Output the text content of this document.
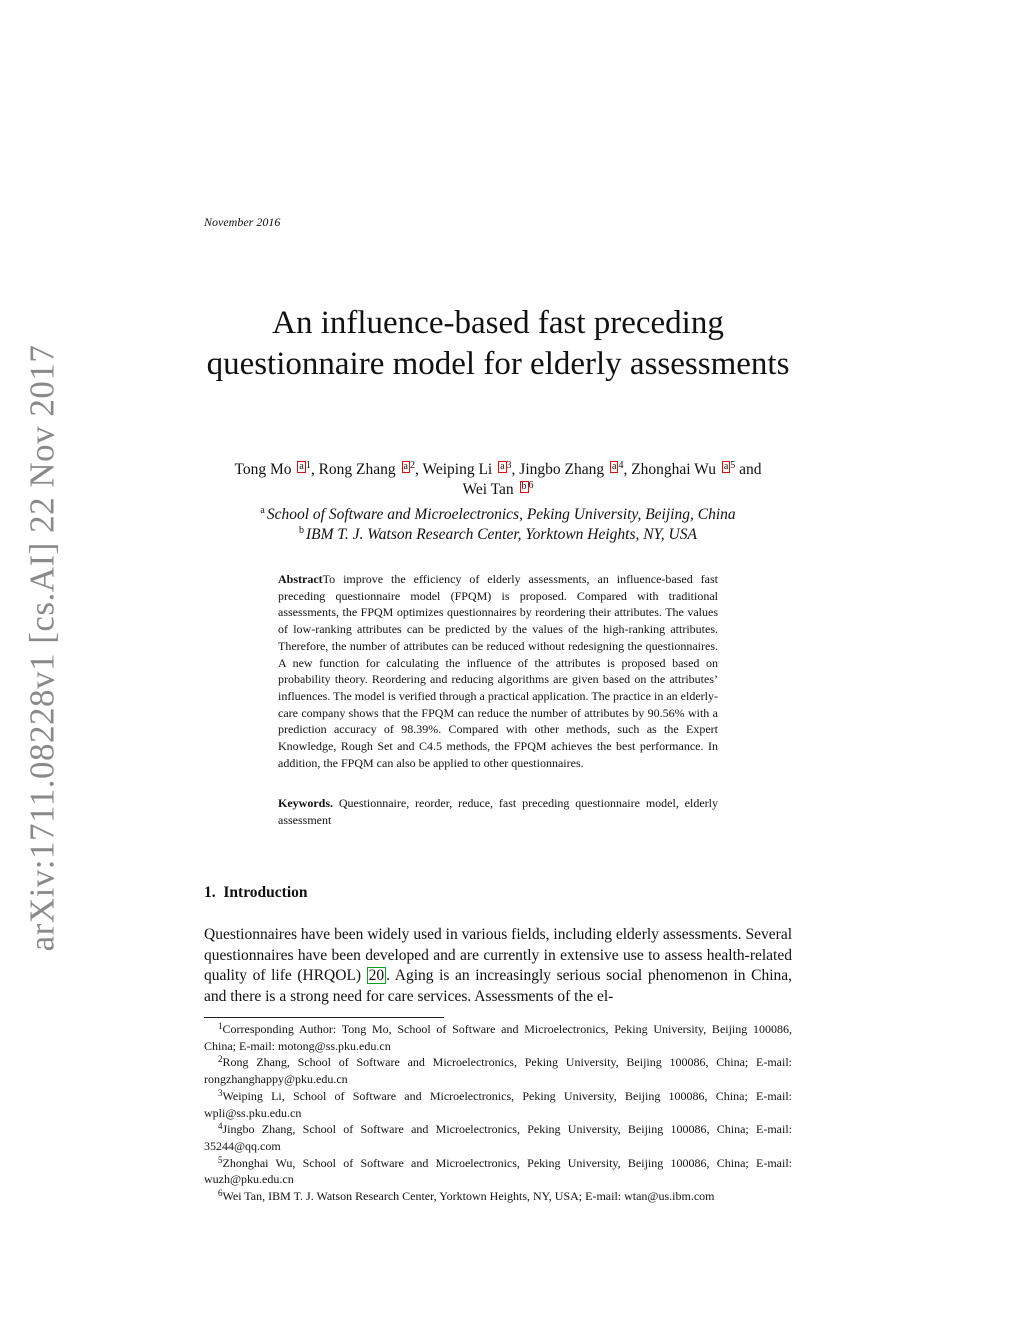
arXiv:1711.08228v1 [cs.AI] 22 Nov 2017
November 2016
An influence-based fast preceding questionnaire model for elderly assessments
Tong Mo a $^1$, Rong Zhang a $^2$, Weiping Li a $^3$, Jingbo Zhang a $^4$, Zhonghai Wu a $^5$ and
Wei Tan b $^6$
$^a$ School of Software and Microelectronics, Peking University, Beijing, China
$^b$ IBM T. J. Watson Research Center, Yorktown Heights, NY, USA
AbstractTo improve the efficiency of elderly assessments, an influence-based fast preceding questionnaire model (FPQM) is proposed. Compared with traditional assessments, the FPQM optimizes questionnaires by reordering their attributes. The values of low-ranking attributes can be predicted by the values of the high-ranking attributes. Therefore, the number of attributes can be reduced without redesigning the questionnaires. A new function for calculating the influence of the attributes is proposed based on probability theory. Reordering and reducing algorithms are given based on the attributes’ influences. The model is verified through a practical application. The practice in an elderly-care company shows that the FPQM can reduce the number of attributes by 90.56% with a prediction accuracy of 98.39%. Compared with other methods, such as the Expert Knowledge, Rough Set and C4.5 methods, the FPQM achieves the best performance. In addition, the FPQM can also be applied to other questionnaires.
Keywords. Questionnaire, reorder, reduce, fast preceding questionnaire model, elderly assessment
1. Introduction
Questionnaires have been widely used in various fields, including elderly assessments. Several questionnaires have been developed and are currently in extensive use to assess health-related quality of life (HRQOL) 20 . Aging is an increasingly serious social phenomenon in China, and there is a strong need for care services. Assessments of the el-

$^1$Corresponding Author: Tong Mo, School of Software and Microelectronics, Peking University, Beijing 100086, China; E-mail: motong@ss.pku.edu.cn

$^2$Rong Zhang, School of Software and Microelectronics, Peking University, Beijing 100086, China; E-mail: rongzhanghappy@pku.edu.cn

$^3$Weiping Li, School of Software and Microelectronics, Peking University, Beijing 100086, China; E-mail: wpli@ss.pku.edu.cn

$^4$Jingbo Zhang, School of Software and Microelectronics, Peking University, Beijing 100086, China; E-mail: 35244@qq.com

$^5$Zhonghai Wu, School of Software and Microelectronics, Peking University, Beijing 100086, China; E-mail: wuzh@pku.edu.cn

$^6$Wei Tan, IBM T. J. Watson Research Center, Yorktown Heights, NY, USA; E-mail: wtan@us.ibm.com
